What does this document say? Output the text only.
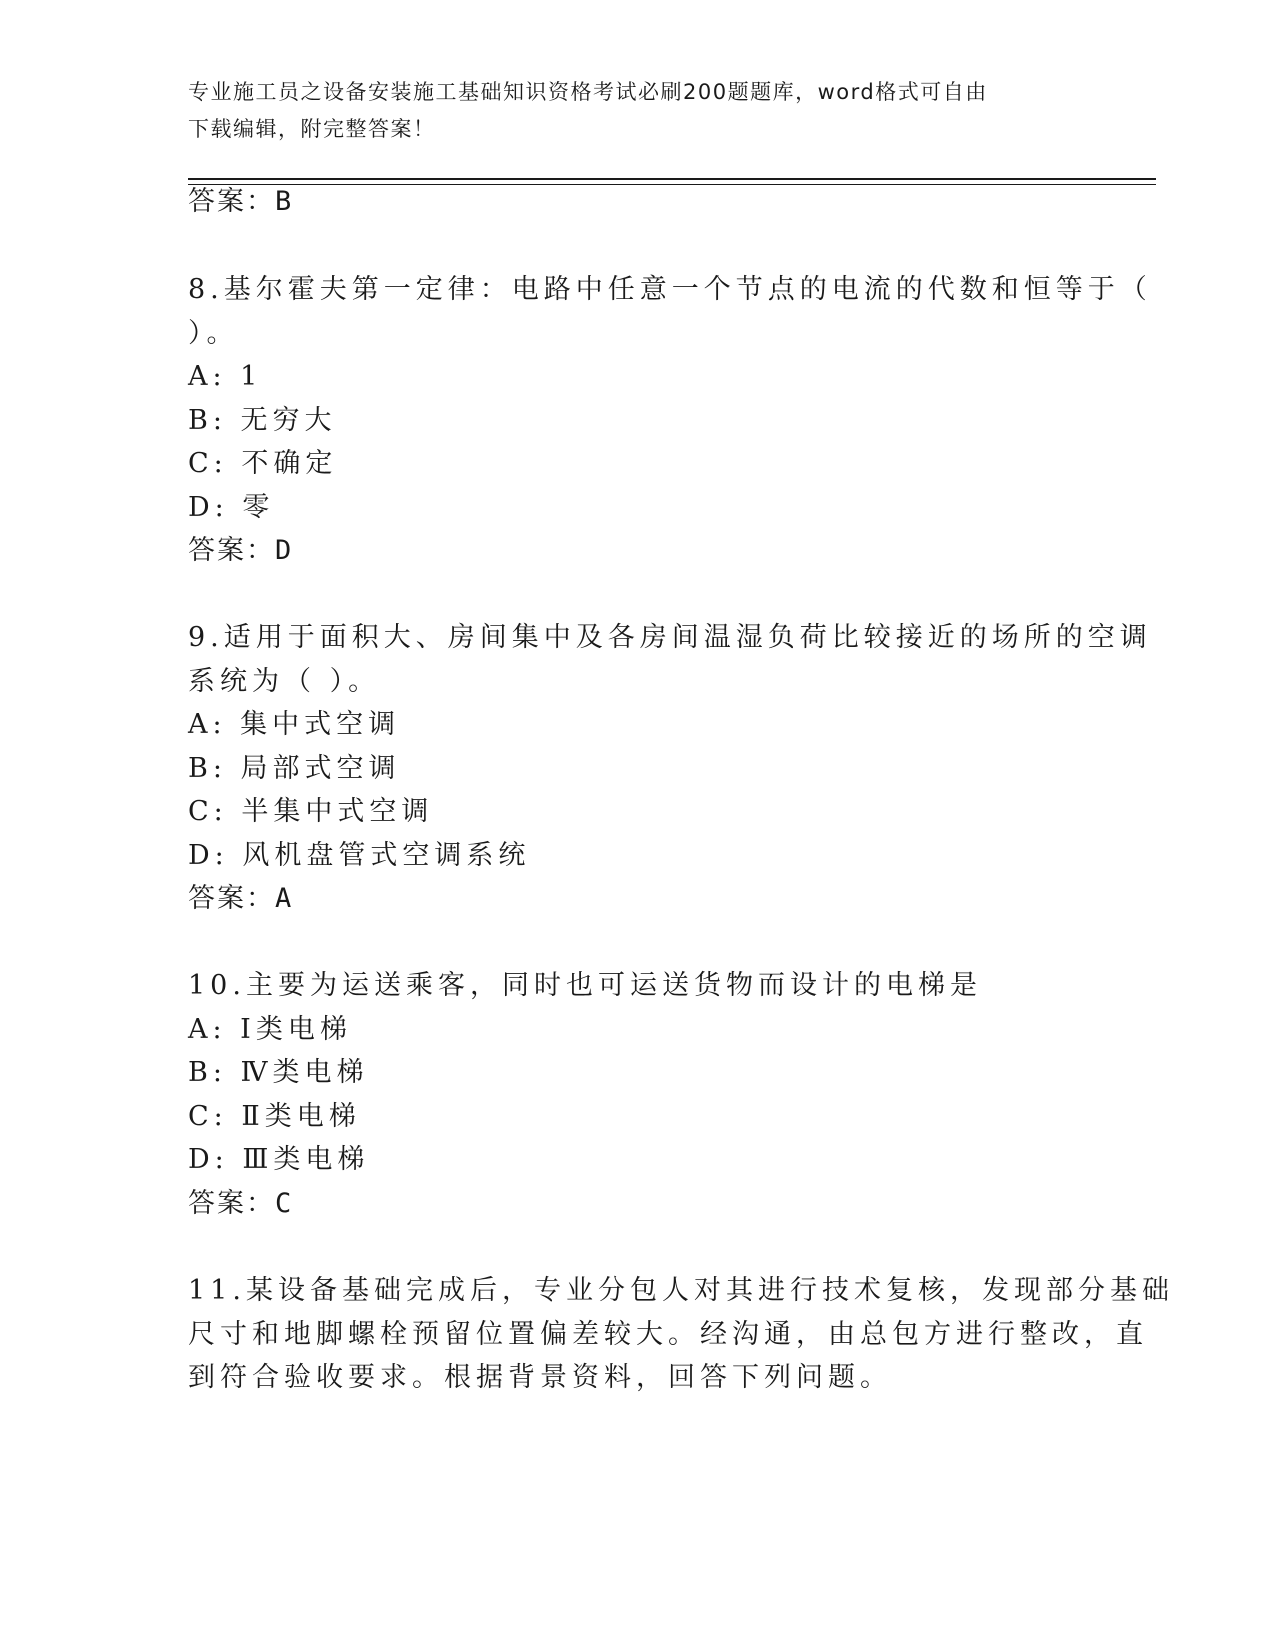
专业施工员之设备安装施工基础知识资格考试必刷200题题库，word格式可自由
下载编辑，附完整答案！
答案：B
8.基尔霍夫第一定律：电路中任意一个节点的电流的代数和恒等于（
）。
A: 1
B: 无穷大
C: 不确定
D: 零
答案：D
9.适用于面积大、房间集中及各房间温湿负荷比较接近的场所的空调
系统为（ ）。
A: 集中式空调
B: 局部式空调
C: 半集中式空调
D: 风机盘管式空调系统
答案：A
10.主要为运送乘客，同时也可运送货物而设计的电梯是
A: Ⅰ类电梯
B: Ⅳ类电梯
C: Ⅱ类电梯
D: Ⅲ类电梯
答案：C
11.某设备基础完成后，专业分包人对其进行技术复核，发现部分基础
尺寸和地脚螺栓预留位置偏差较大。经沟通，由总包方进行整改，直
到符合验收要求。根据背景资料，回答下列问题。
